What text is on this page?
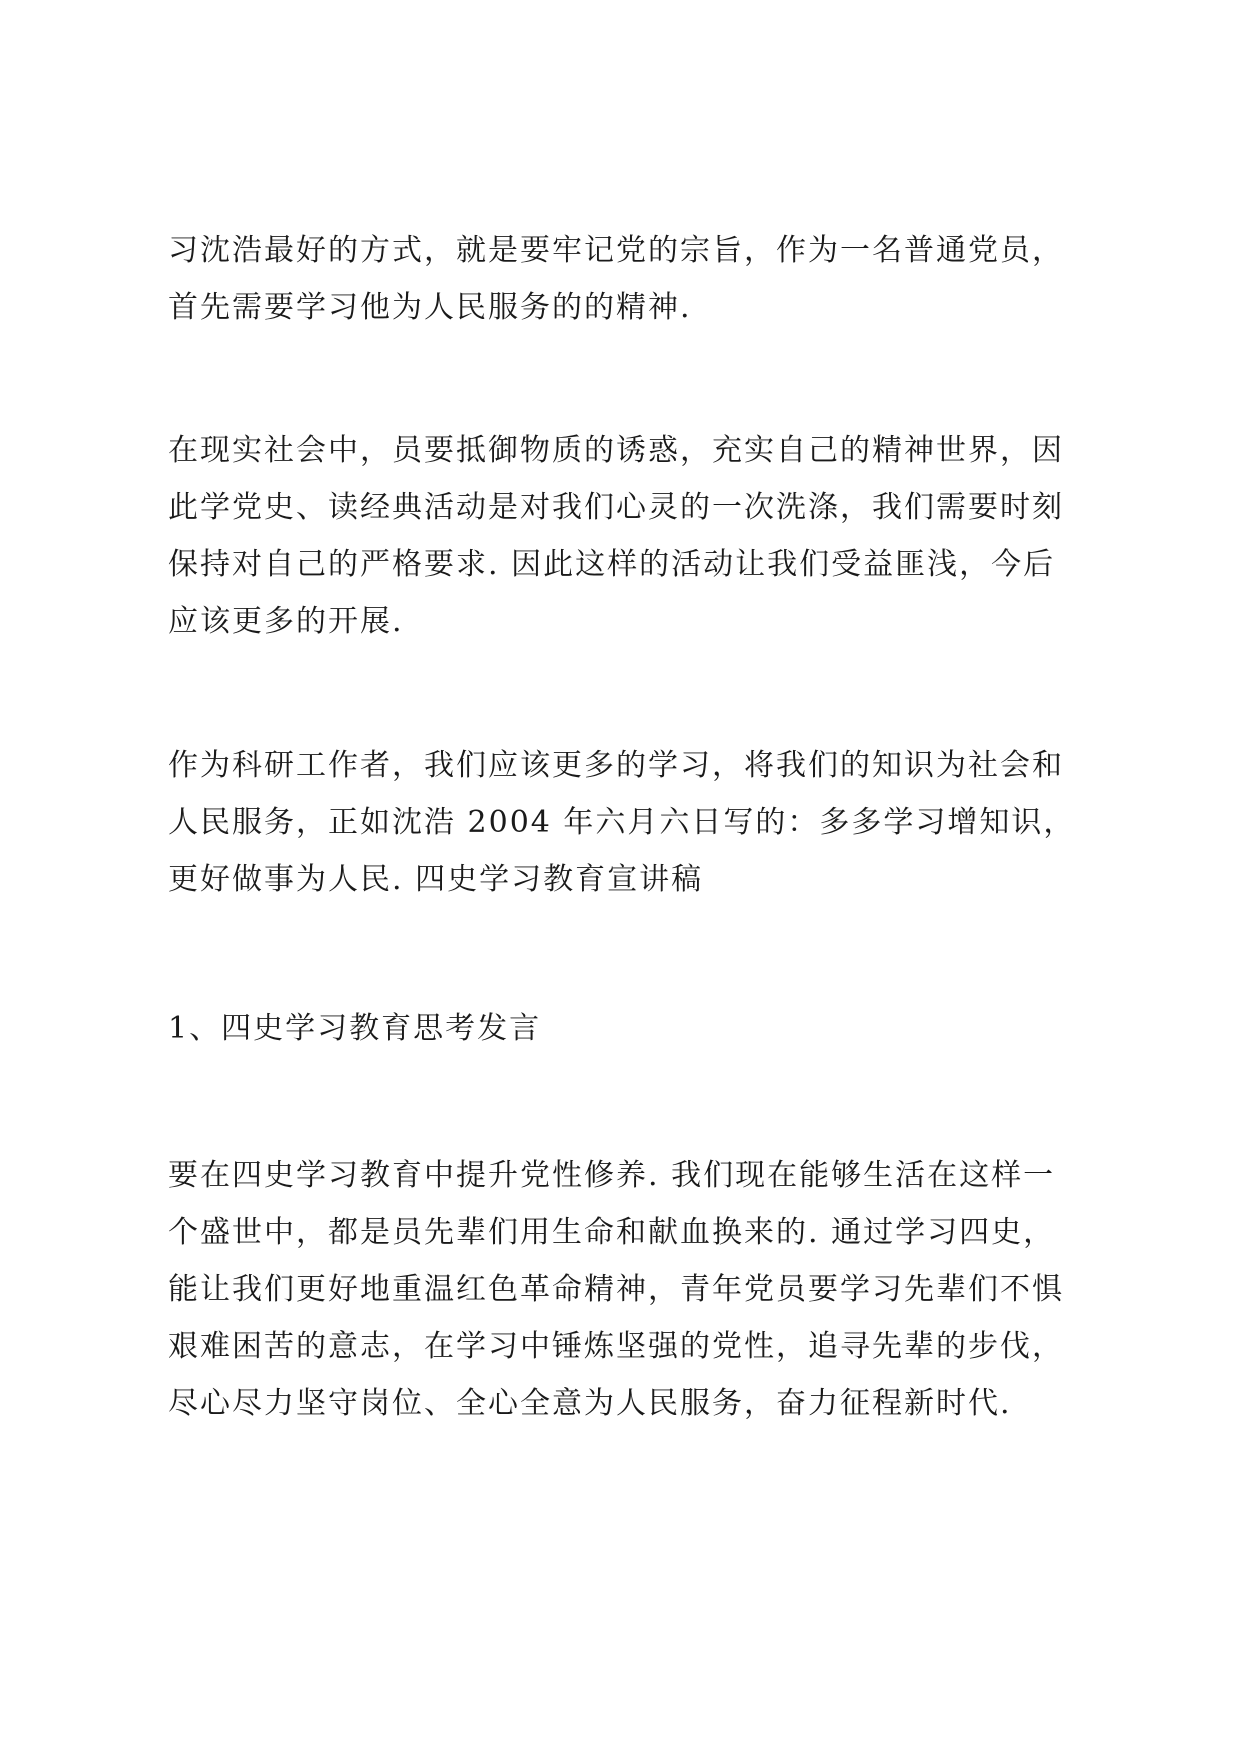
习沈浩最好的方式，就是要牢记党的宗旨，作为一名普通党员，
首先需要学习他为人民服务的的精神.

在现实社会中，员要抵御物质的诱惑，充实自己的精神世界，因
此学党史、读经典活动是对我们心灵的一次洗涤，我们需要时刻
保持对自己的严格要求. 因此这样的活动让我们受益匪浅，今后
应该更多的开展.

作为科研工作者，我们应该更多的学习，将我们的知识为社会和
人民服务，正如沈浩 2004 年六月六日写的：多多学习增知识，
更好做事为人民. 四史学习教育宣讲稿

1、四史学习教育思考发言

要在四史学习教育中提升党性修养. 我们现在能够生活在这样一
个盛世中，都是员先辈们用生命和献血换来的. 通过学习四史，
能让我们更好地重温红色革命精神，青年党员要学习先辈们不惧
艰难困苦的意志，在学习中锤炼坚强的党性，追寻先辈的步伐，
尽心尽力坚守岗位、全心全意为人民服务，奋力征程新时代.
